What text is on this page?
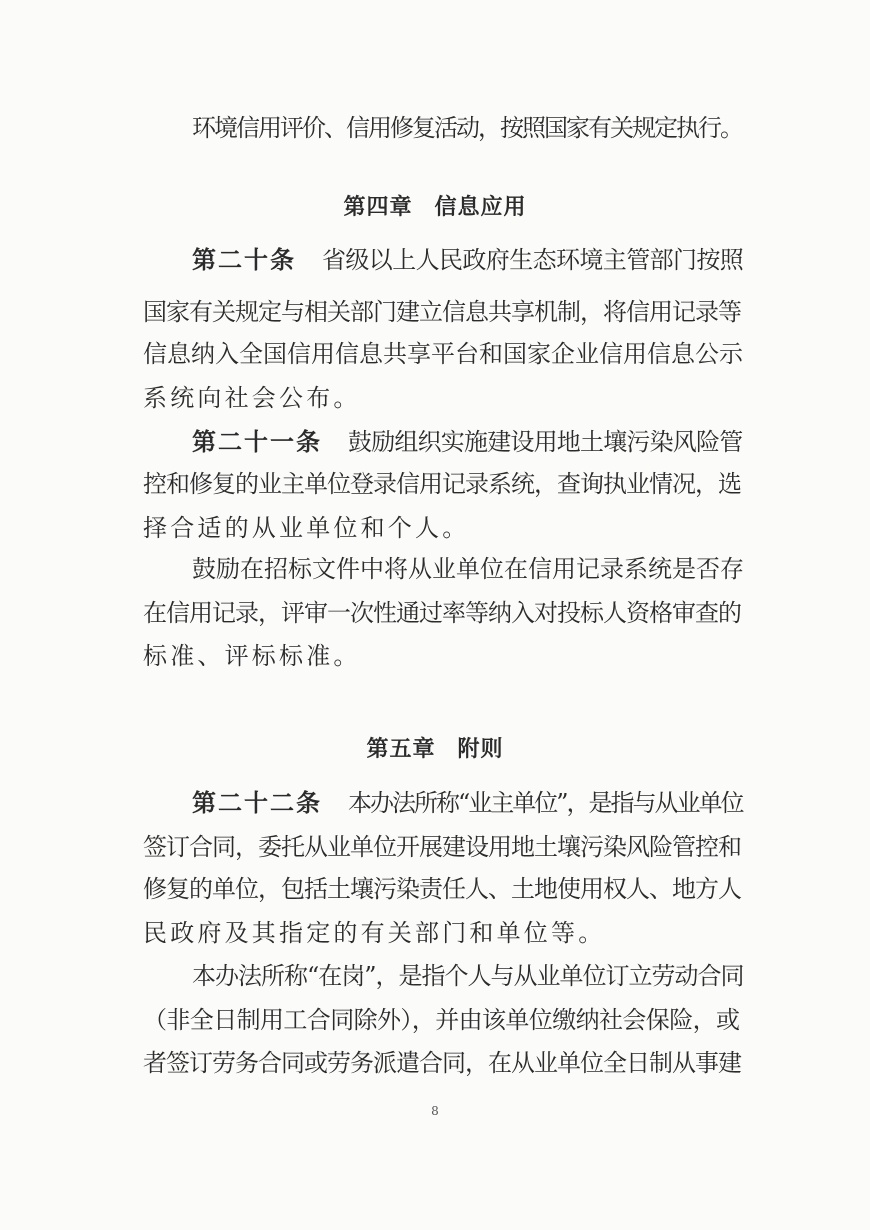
环境信用评价、信用修复活动，按照国家有关规定执行。
第四章 信息应用
第二十条 省级以上人民政府生态环境主管部门按照
国家有关规定与相关部门建立信息共享机制，将信用记录等
信息纳入全国信用信息共享平台和国家企业信用信息公示
系统向社会公布。
第二十一条 鼓励组织实施建设用地土壤污染风险管
控和修复的业主单位登录信用记录系统，查询执业情况，选
择合适的从业单位和个人。
鼓励在招标文件中将从业单位在信用记录系统是否存
在信用记录，评审一次性通过率等纳入对投标人资格审查的
标准、评标标准。
第五章 附则
第二十二条 本办法所称“业主单位”，是指与从业单位
签订合同，委托从业单位开展建设用地土壤污染风险管控和
修复的单位，包括土壤污染责任人、土地使用权人、地方人
民政府及其指定的有关部门和单位等。
本办法所称“在岗”，是指个人与从业单位订立劳动合同
（非全日制用工合同除外），并由该单位缴纳社会保险，或
者签订劳务合同或劳务派遣合同，在从业单位全日制从事建
8
